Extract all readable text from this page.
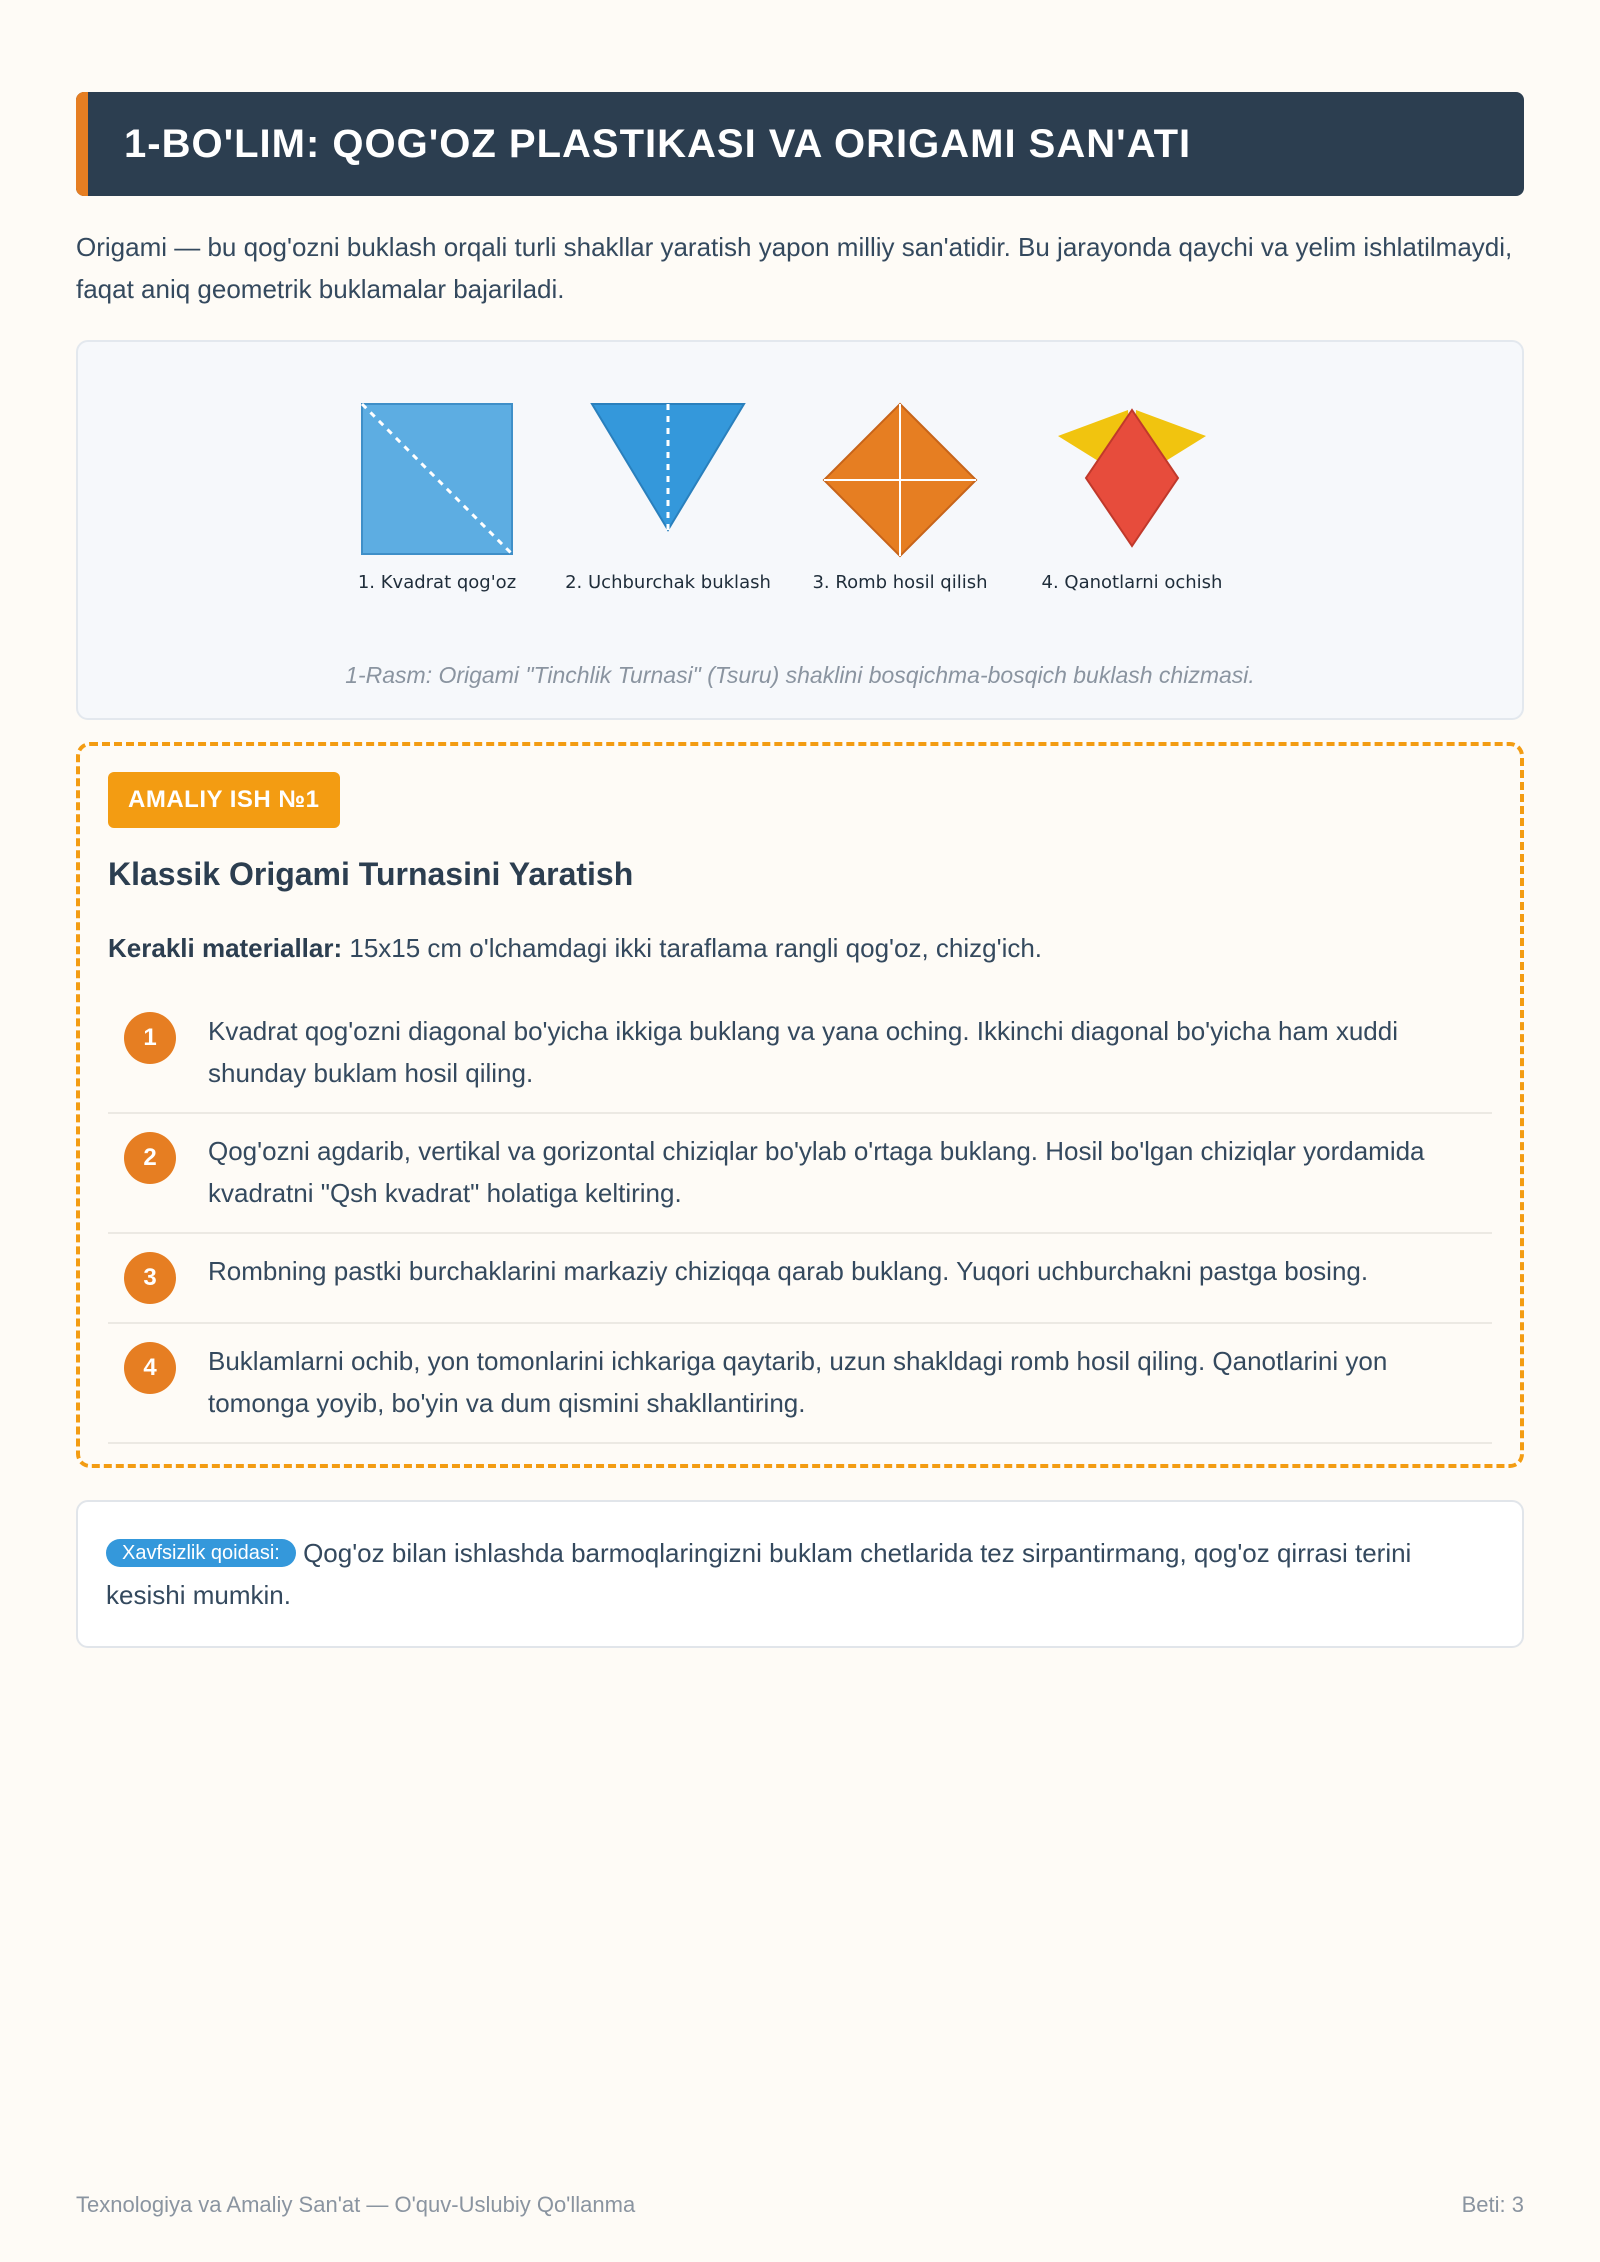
1-BO'LIM: QOG'OZ PLASTIKASI VA ORIGAMI SAN'ATI

Origami — bu qog'ozni buklash orqali turli shakllar yaratish yapon milliy san'atidir. Bu jarayonda qaychi va yelim ishlatilmaydi, faqat aniq geometrik buklamalar bajariladi.

1. Kvadrat qog'oz	2. Uchburchak buklash 3. Romb hosil qilish	4. Qanotlarni ochish
1-Rasm: Origami "Tinchlik Turnasi" (Tsuru) shaklini bosqichma-bosqich buklash chizmasi.
AMALIY ISH №1
Klassik Origami Turnasini Yaratish
Kerakli materiallar: 15x15 cm o'lchamdagi ikki taraflama rangli qog'oz, chizg'ich.
1	Kvadrat qog'ozni diagonal bo'yicha ikkiga buklang va yana oching. Ikkinchi diagonal bo'yicha ham xuddi shunday buklam hosil qiling.
2	Qog'ozni agdarib, vertikal va gorizontal chiziqlar bo'ylab o'rtaga buklang. Hosil bo'lgan chiziqlar yordamida kvadratni "Qsh kvadrat" holatiga keltiring.
3	Rombning pastki burchaklarini markaziy chiziqqa qarab buklang. Yuqori uchburchakni pastga bosing.
4	Buklamlarni ochib, yon tomonlarini ichkariga qaytarib, uzun shakldagi romb hosil qiling. Qanotlarini yon tomonga yoyib, bo'yin va dum qismini shakllantiring.
Xavfsizlik qoidasi: Qog'oz bilan ishlashda barmoqlaringizni buklam chetlarida tez sirpantirmang, qog'oz qirrasi terini kesishi mumkin.
Texnologiya va Amaliy San'at — O'quv-Uslubiy Qo'llanma	Beti: 3
